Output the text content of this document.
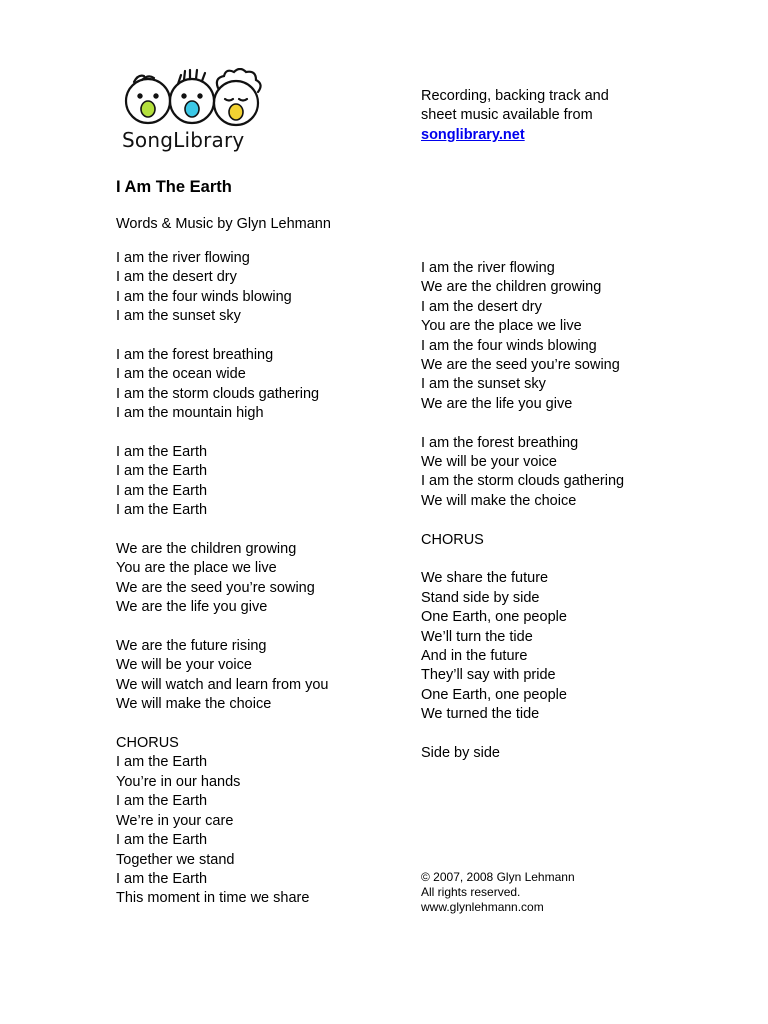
SongLibrary
Recording, backing track and
sheet music available from
songlibrary.net
I Am The Earth
Words & Music by Glyn Lehmann
I am the river flowing
I am the desert dry
I am the four winds blowing
I am the sunset sky
I am the forest breathing
I am the ocean wide
I am the storm clouds gathering
I am the mountain high
I am the Earth
I am the Earth
I am the Earth
I am the Earth
We are the children growing
You are the place we live
We are the seed you’re sowing
We are the life you give
We are the future rising
We will be your voice
We will watch and learn from you
We will make the choice
CHORUS
I am the Earth
You’re in our hands
I am the Earth
We’re in your care
I am the Earth
Together we stand
I am the Earth
This moment in time we share
I am the river flowing
We are the children growing
I am the desert dry
You are the place we live
I am the four winds blowing
We are the seed you’re sowing
I am the sunset sky
We are the life you give
I am the forest breathing
We will be your voice
I am the storm clouds gathering
We will make the choice
CHORUS
We share the future
Stand side by side
One Earth, one people
We’ll turn the tide
And in the future
They’ll say with pride
One Earth, one people
We turned the tide
Side by side
© 2007, 2008 Glyn Lehmann
All rights reserved.
www.glynlehmann.com
